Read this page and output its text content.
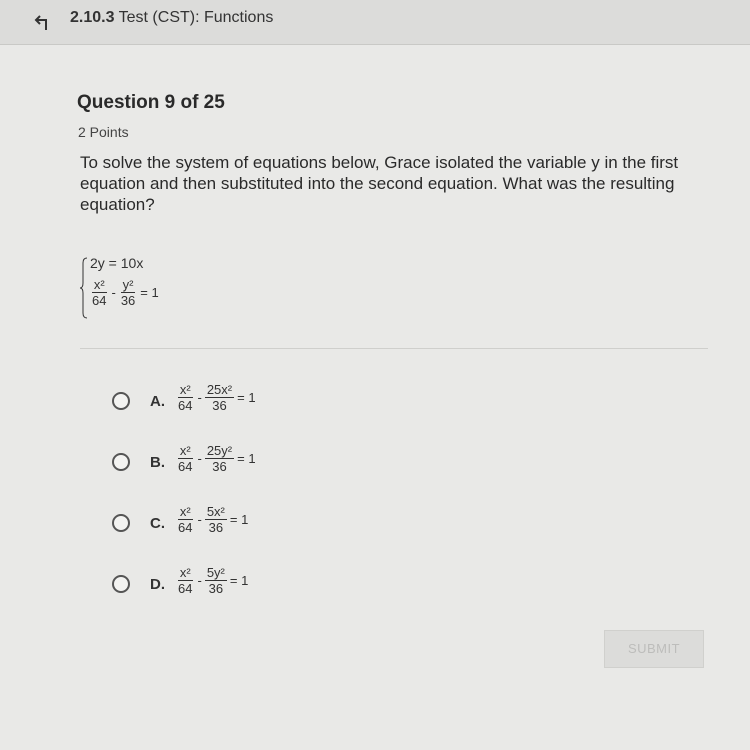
2.10.3 Test (CST): Functions
Question 9 of 25
2 Points
To solve the system of equations below, Grace isolated the variable y in the first equation and then substituted into the second equation. What was the resulting equation?
2y = 10x
$\frac{\text{x²}}{64} - \frac{\text{y²}}{36} = 1$
A. $\frac{\text{x²}}{64} - \frac{\text{25x²}}{36} = 1$
B. $\frac{\text{x²}}{64} - \frac{\text{25y²}}{36} = 1$
C. $\frac{\text{x²}}{64} - \frac{\text{5x²}}{36} = 1$
D. $\frac{\text{x²}}{64} - \frac{\text{5y²}}{36} = 1$
SUBMIT
